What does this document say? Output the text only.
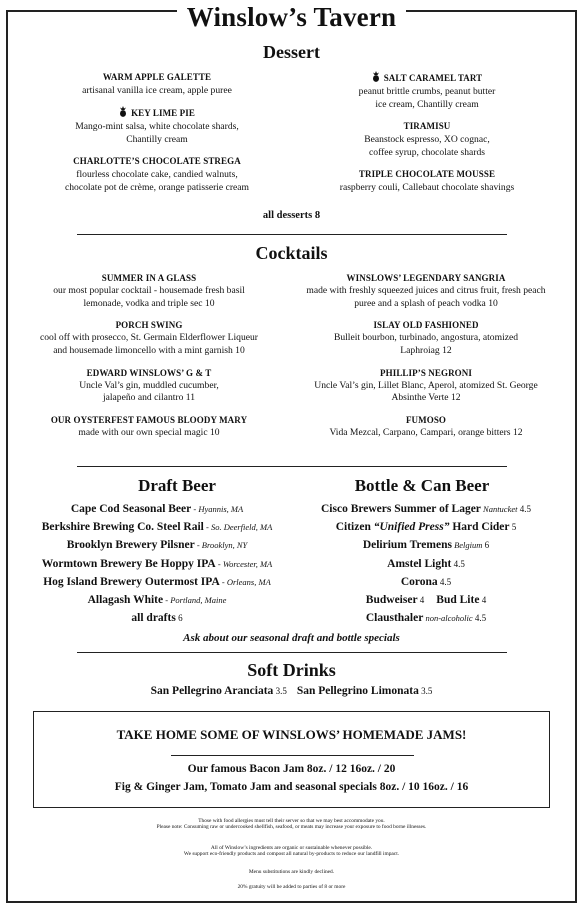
Winslow’s Tavern
Dessert
WARM APPLE GALETTE
artisanal vanilla ice cream, apple puree
KEY LIME PIE
Mango-mint salsa, white chocolate shards,
Chantilly cream
CHARLOTTE’S CHOCOLATE STREGA
flourless chocolate cake, candied walnuts,
chocolate pot de crème, orange patisserie cream
SALT CARAMEL TART
peanut brittle crumbs, peanut butter
ice cream, Chantilly cream
TIRAMISU
Beanstock espresso, XO cognac,
coffee syrup, chocolate shards
TRIPLE CHOCOLATE MOUSSE
raspberry couli, Callebaut chocolate shavings
all desserts 8
Cocktails
SUMMER IN A GLASS
our most popular cocktail - housemade fresh basil
lemonade, vodka and triple sec 10
PORCH SWING
cool off with prosecco, St. Germain Elderflower Liqueur
and housemade limoncello with a mint garnish 10
EDWARD WINSLOWS’ G & T
Uncle Val’s gin, muddled cucumber,
jalapeño and cilantro 11
OUR OYSTERFEST FAMOUS BLOODY MARY
made with our own special magic 10
WINSLOWS’ LEGENDARY SANGRIA
made with freshly squeezed juices and citrus fruit, fresh peach
puree and a splash of peach vodka 10
ISLAY OLD FASHIONED
Bulleit bourbon, turbinado, angostura, atomized
Laphroiag 12
PHILLIP’S NEGRONI
Uncle Val’s gin, Lillet Blanc, Aperol, atomized St. George
Absinthe Verte 12
FUMOSO
Vida Mezcal, Carpano, Campari, orange bitters 12
Draft Beer
Cape Cod Seasonal Beer - Hyannis, MA
Berkshire Brewing Co. Steel Rail - So. Deerfield, MA
Brooklyn Brewery Pilsner - Brooklyn, NY
Wormtown Brewery Be Hoppy IPA - Worcester, MA
Hog Island Brewery Outermost IPA - Orleans, MA
Allagash White - Portland, Maine
all drafts 6
Bottle & Can Beer
Cisco Brewers Summer of Lager Nantucket 4.5
Citizen “Unified Press” Hard Cider 5
Delirium Tremens Belgium 6
Amstel Light 4.5
Corona 4.5
Budweiser 4 Bud Lite 4
Clausthaler non-alcoholic 4.5
Ask about our seasonal draft and bottle specials
Soft Drinks
San Pellegrino Aranciata 3.5 San Pellegrino Limonata 3.5
TAKE HOME SOME OF WINSLOWS’ HOMEMADE JAMS!
Our famous Bacon Jam 8oz. / 12 16oz. / 20
Fig & Ginger Jam, Tomato Jam and seasonal specials 8oz. / 10 16oz. / 16
Those with food allergies must tell their server so that we may best accommodate you.
Please note: Consuming raw or undercooked shellfish, seafood, or meats may increase your exposure to food borne illnesses.
All of Winslow’s ingredients are organic or sustainable whenever possible.
We support eco-friendly products and compost all natural by-products to reduce our landfill impact.
Menu substitutions are kindly declined.
20% gratuity will be added to parties of 8 or more
